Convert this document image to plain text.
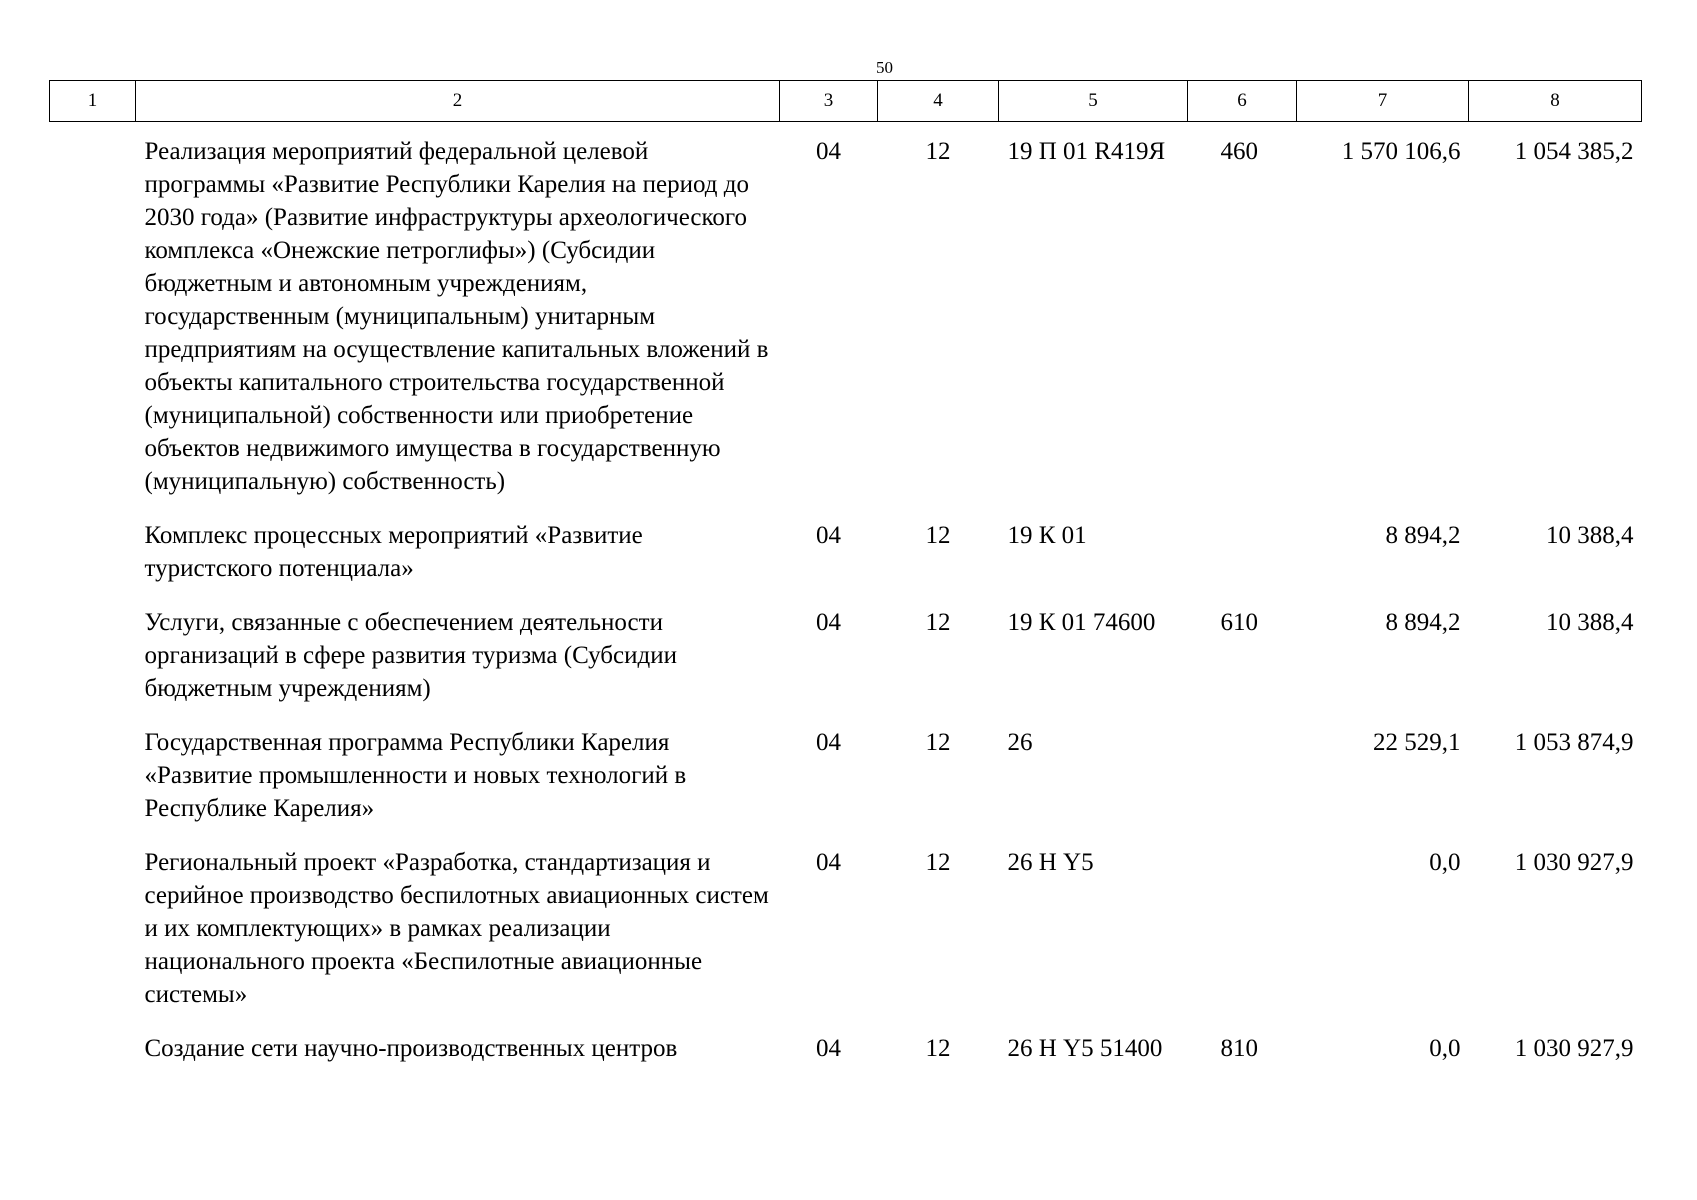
50
1	2	3	4	5	6	7	8
	Реализация мероприятий федеральной целевой программы «Развитие Республики Карелия на период до 2030 года» (Развитие инфраструктуры археологического комплекса «Онежские петроглифы») (Субсидии бюджетным и автономным учреждениям, государственным (муниципальным) унитарным предприятиям на осуществление капитальных вложений в объекты капитального строительства государственной (муниципальной) собственности или приобретение объектов недвижимого имущества в государственную (муниципальную) собственность)	04	12	19 П 01 R419Я	460	1 570 106,6	1 054 385,2
	Комплекс процессных мероприятий «Развитие туристского потенциала»	04	12	19 К 01		8 894,2	10 388,4
	Услуги, связанные с обеспечением деятельности организаций в сфере развития туризма (Субсидии бюджетным учреждениям)	04	12	19 К 01 74600	610	8 894,2	10 388,4
	Государственная программа Республики Карелия «Развитие промышленности и новых технологий в Республике Карелия»	04	12	26		22 529,1	1 053 874,9
	Региональный проект «Разработка, стандартизация и серийное производство беспилотных авиационных систем и их комплектующих» в рамках реализации национального проекта «Беспилотные авиационные системы»	04	12	26 Н Y5		0,0	1 030 927,9
	Создание сети научно-производственных центров	04	12	26 Н Y5 51400	810	0,0	1 030 927,9
